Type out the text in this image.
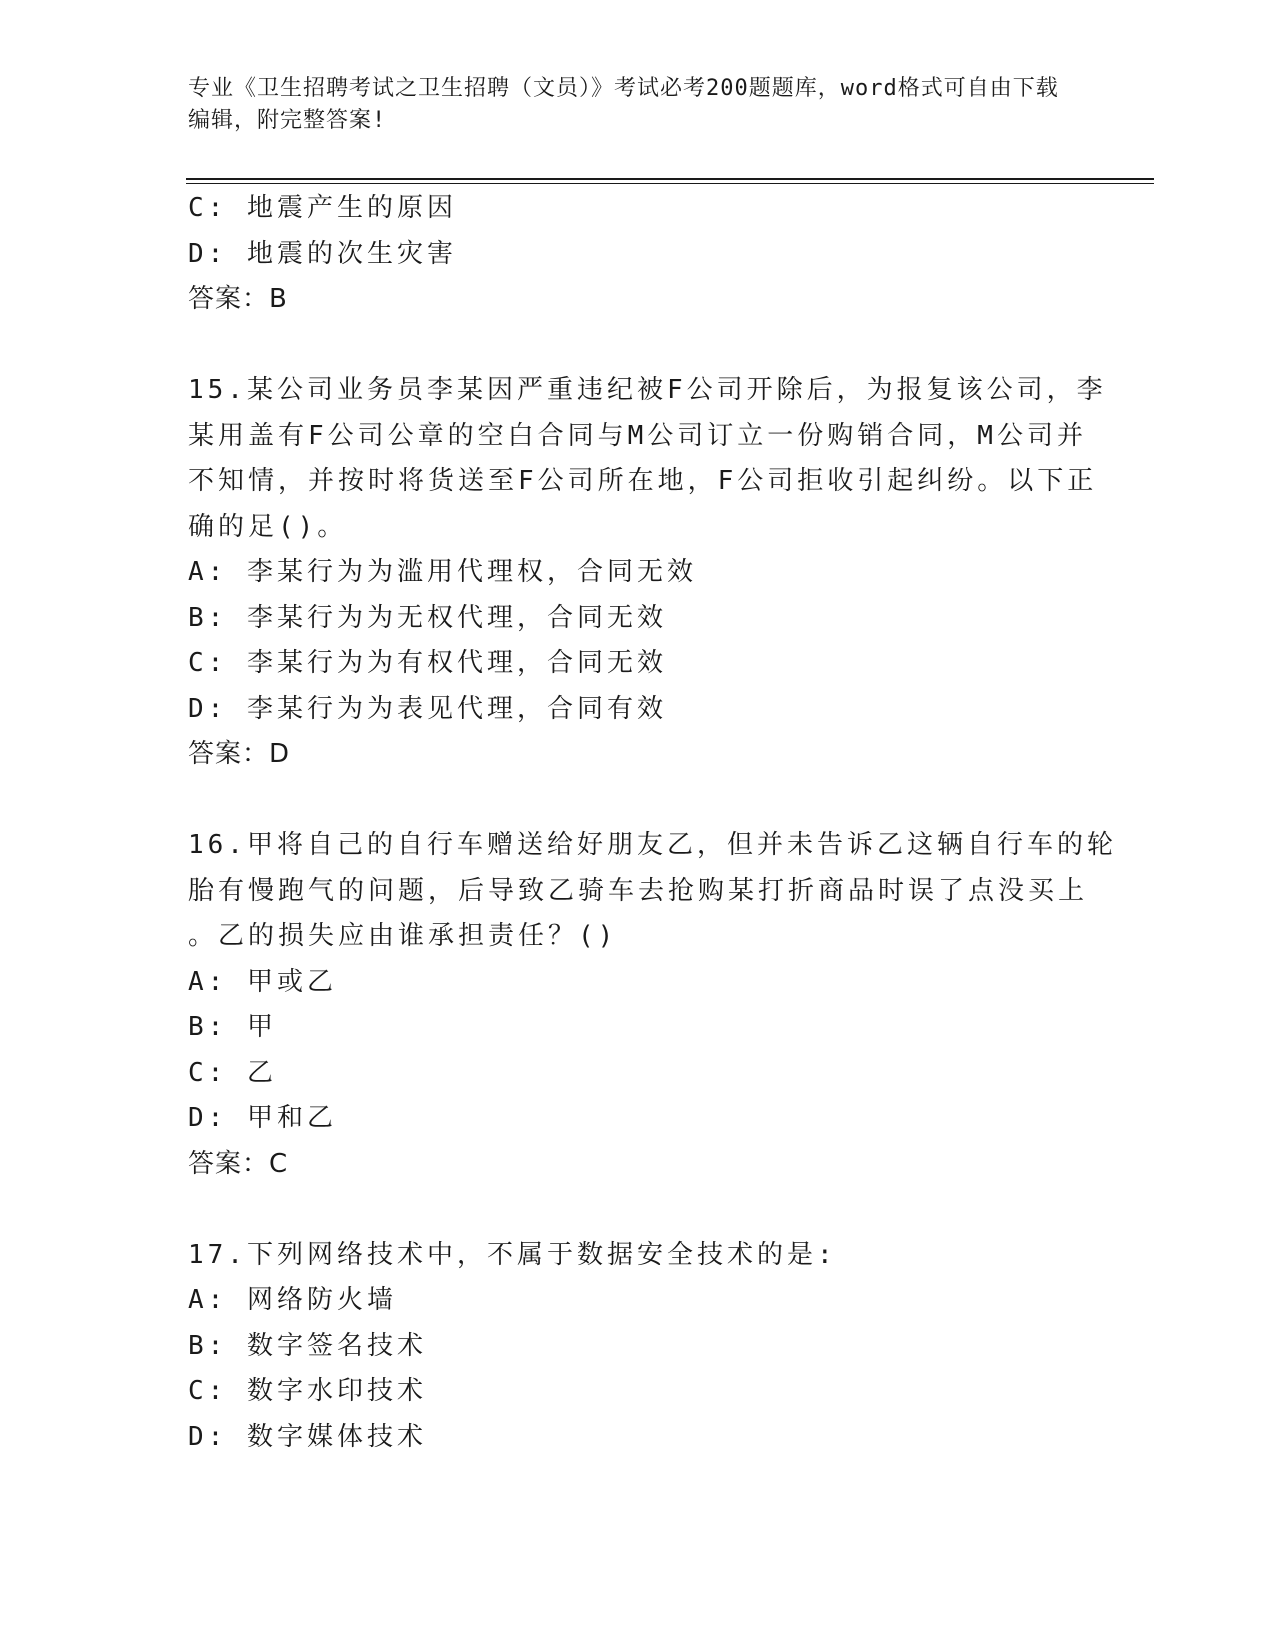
专业《卫生招聘考试之卫生招聘（文员）》考试必考200题题库，word格式可自由下载编辑，附完整答案!
C: 地震产生的原因
D: 地震的次生灾害
答案：B
15.某公司业务员李某因严重违纪被F公司开除后，为报复该公司，李
某用盖有F公司公章的空白合同与M公司订立一份购销合同，M公司并
不知情，并按时将货送至F公司所在地，F公司拒收引起纠纷。以下正
确的足()。
A: 李某行为为滥用代理权，合同无效
B: 李某行为为无权代理，合同无效
C: 李某行为为有权代理，合同无效
D: 李某行为为表见代理，合同有效
答案：D
16.甲将自己的自行车赠送给好朋友乙，但并未告诉乙这辆自行车的轮
胎有慢跑气的问题，后导致乙骑车去抢购某打折商品时误了点没买上
。乙的损失应由谁承担责任？()
A: 甲或乙
B: 甲
C: 乙
D: 甲和乙
答案：C
17.下列网络技术中，不属于数据安全技术的是:
A: 网络防火墙
B: 数字签名技术
C: 数字水印技术
D: 数字媒体技术
